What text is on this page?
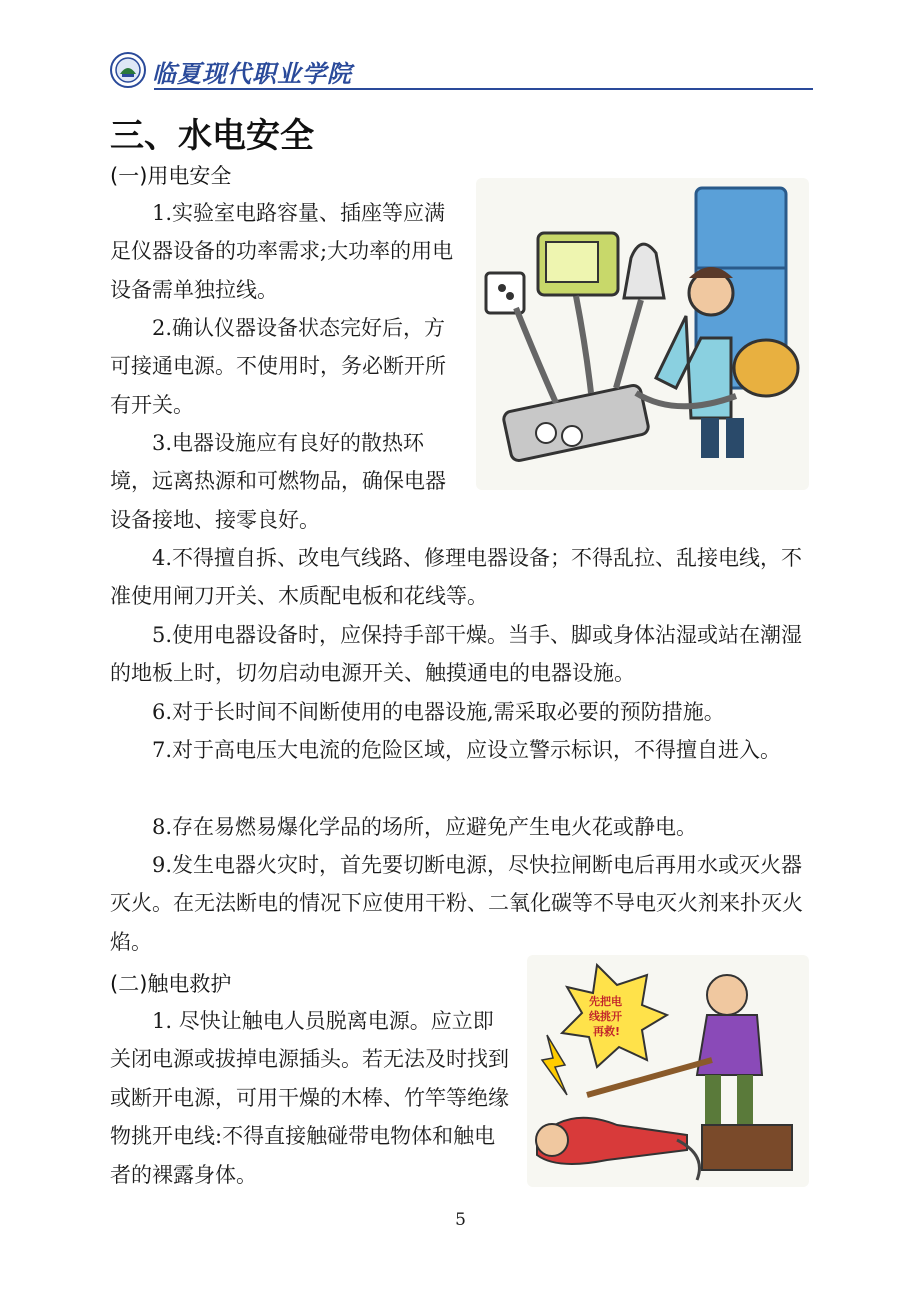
临夏现代职业学院
三、水电安全
(一)用电安全

1.实验室电路容量、插座等应满足仪器设备的功率需求;大功率的用电设备需单独拉线。

2.确认仪器设备状态完好后，方可接通电源。不使用时，务必断开所有开关。

3.电器设施应有良好的散热环境，远离热源和可燃物品，确保电器设备接地、接零良好。

4.不得擅自拆、改电气线路、修理电器设备；不得乱拉、乱接电线，不准使用闸刀开关、木质配电板和花线等。

5.使用电器设备时，应保持手部干燥。当手、脚或身体沾湿或站在潮湿的地板上时，切勿启动电源开关、触摸通电的电器设施。

6.对于长时间不间断使用的电器设施,需采取必要的预防措施。

7.对于高电压大电流的危险区域，应设立警示标识，不得擅自进入。

8.存在易燃易爆化学品的场所，应避免产生电火花或静电。

9.发生电器火灾时，首先要切断电源，尽快拉闸断电后再用水或灭火器灭火。在无法断电的情况下应使用干粉、二氧化碳等不导电灭火剂来扑灭火焰。

(二)触电救护

1. 尽快让触电人员脱离电源。应立即关闭电源或拔掉电源插头。若无法及时找到或断开电源，可用干燥的木棒、竹竿等绝缘物挑开电线:不得直接触碰带电物体和触电者的裸露身体。

先把电
线挑开
再救!
5
